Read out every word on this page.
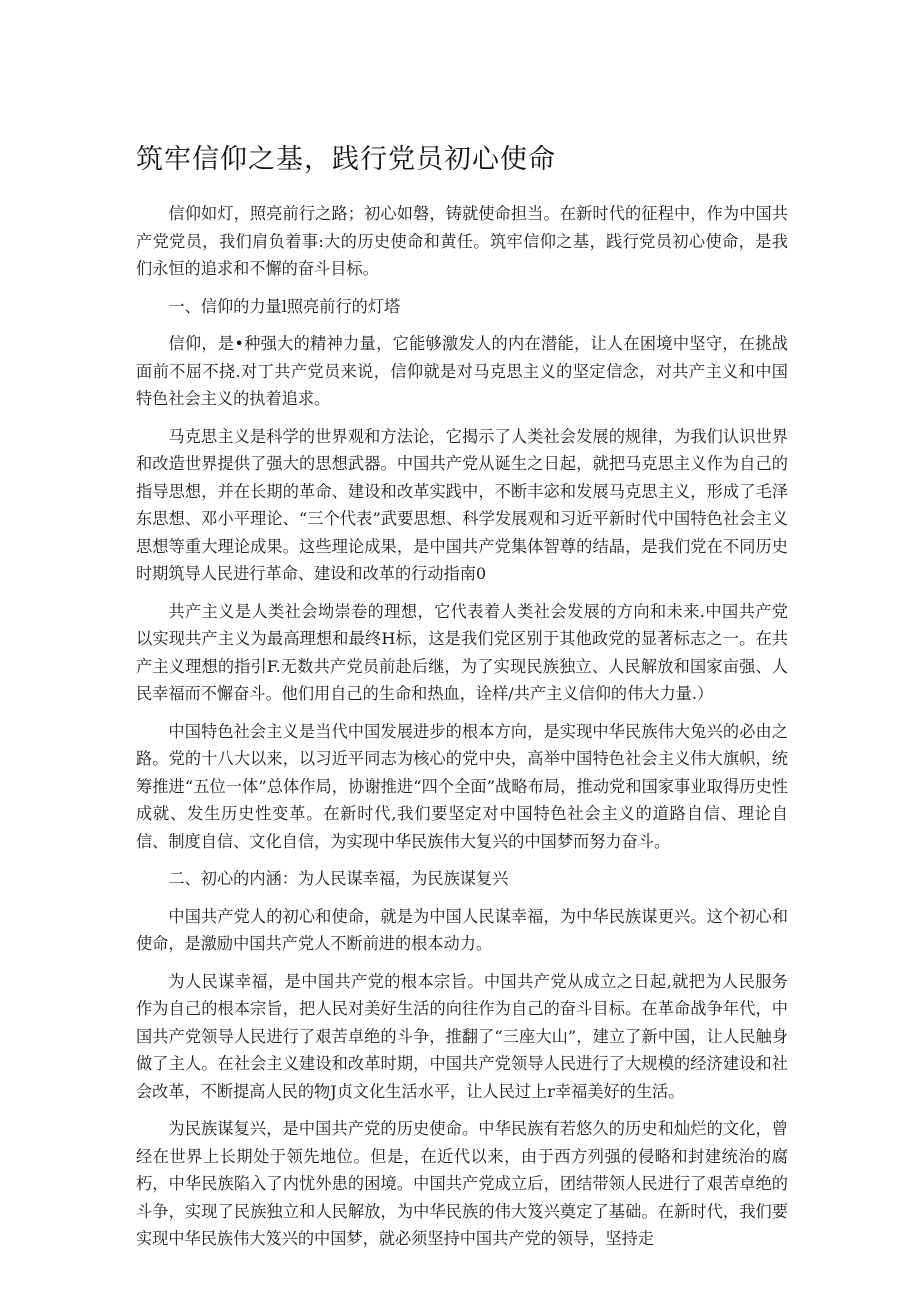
筑牢信仰之基，践行党员初心使命

信仰如灯，照亮前行之路；初心如磐，铸就使命担当。在新时代的征程中，作为中国共产党党员，我们肩负着事:大的历史使命和黄任。筑牢信仰之基，践行党员初心使命，是我们永恒的追求和不懈的奋斗目标。

一、信仰的力量l照亮前行的灯塔

信仰，是•种强大的精神力量，它能够激发人的内在潜能，让人在困境中坚守，在挑战面前不屈不挠.对丁共产党员来说，信仰就是对马克思主义的坚定信念，对共产主义和中国特色社会主义的执着追求。

马克思主义是科学的世界观和方法论，它揭示了人类社会发展的规律，为我们认识世界和改造世界提供了强大的思想武器。中国共产党从诞生之日起，就把马克思主义作为自己的指导思想，并在长期的革命、建设和改革实践中，不断丰宓和发展马克思主义，形成了毛泽东思想、邓小平理论、“三个代表”武要思想、科学发展观和习近平新时代中国特色社会主义思想等重大理论成果。这些理论成果，是中国共产党集体智尊的结晶，是我们党在不同历史时期筑导人民进行革命、建设和改革的行动指南0

共产主义是人类社会坳崇卷的理想，它代表着人类社会发展的方向和未来.中国共产党以实现共产主义为最高理想和最终H标，这是我们党区别于其他政党的显著标志之一。在共产主义理想的指引F.无数共产党员前赴后继，为了实现民族独立、人民解放和国家亩强、人民幸福而不懈奋斗。他们用自己的生命和热血，诠样/共产主义信仰的伟大力量.）

中国特色社会主义是当代中国发展进步的根本方向，是实现中华民族伟大兔兴的必由之路。党的十八大以来，以习近平同志为核心的党中央，高举中国特色社会主义伟大旗帜，统筹推进“五位一体”总体作局，协谢推进“四个全面”战略布局，推动党和国家事业取得历史性成就、发生历史性变革。在新时代,我们要坚定对中国特色社会主义的道路自信、理论自信、制度自信、文化自信，为实现中华民族伟大复兴的中国梦而努力奋斗。

二、初心的内涵：为人民谋幸福，为民族谋复兴

中国共产党人的初心和使命，就是为中国人民谋幸福，为中华民族谋更兴。这个初心和使命，是激励中国共产党人不断前进的根本动力。

为人民谋幸福，是中国共产党的根本宗旨。中国共产党从成立之日起,就把为人民服务作为自己的根本宗旨，把人民对美好生活的向往作为自己的奋斗目标。在革命战争年代，中国共产党领导人民进行了艰苦卓绝的斗争，推翻了“三座大山”，建立了新中国，让人民触身做了主人。在社会主义建设和改革时期，中国共产党领导人民进行了大规模的经济建设和社会改革，不断提高人民的物J贞文化生活水平，让人民过上r幸福美好的生活。

为民族谋复兴，是中国共产党的历史使命。中华民族有若悠久的历史和灿烂的文化，曾经在世界上长期处于领先地位。但是，在近代以来，由于西方列强的侵略和封建统治的腐朽，中华民族陷入了内忧外患的困境。中国共产党成立后，团结带领人民进行了艰苦卓绝的斗争，实现了民族独立和人民解放，为中华民族的伟大笈兴奠定了基础。在新时代，我们要实现中华民族伟大笈兴的中国梦，就必须坚持中国共产党的领导，坚持走
